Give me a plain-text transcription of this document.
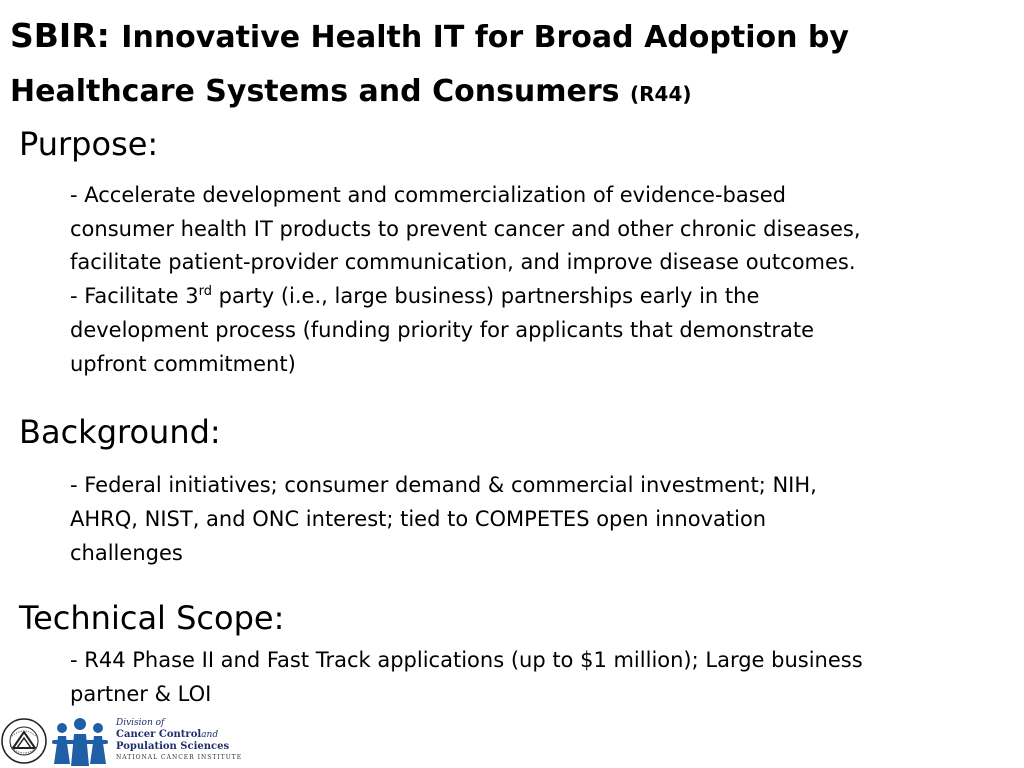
SBIR: Innovative Health IT for Broad Adoption by
Healthcare Systems and Consumers (R44)
Purpose:
- Accelerate development and commercialization of evidence-based
consumer health IT products to prevent cancer and other chronic diseases,
facilitate patient-provider communication, and improve disease outcomes.
- Facilitate 3rd party (i.e., large business) partnerships early in the
development process (funding priority for applicants that demonstrate
upfront commitment)
Background:
- Federal initiatives; consumer demand & commercial investment; NIH,
AHRQ, NIST, and ONC interest; tied to COMPETES open innovation
challenges
Technical Scope:
- R44 Phase II and Fast Track applications (up to $1 million); Large business
partner & LOI
Division of
Cancer Controland
Population Sciences
NATIONAL CANCER INSTITUTE
